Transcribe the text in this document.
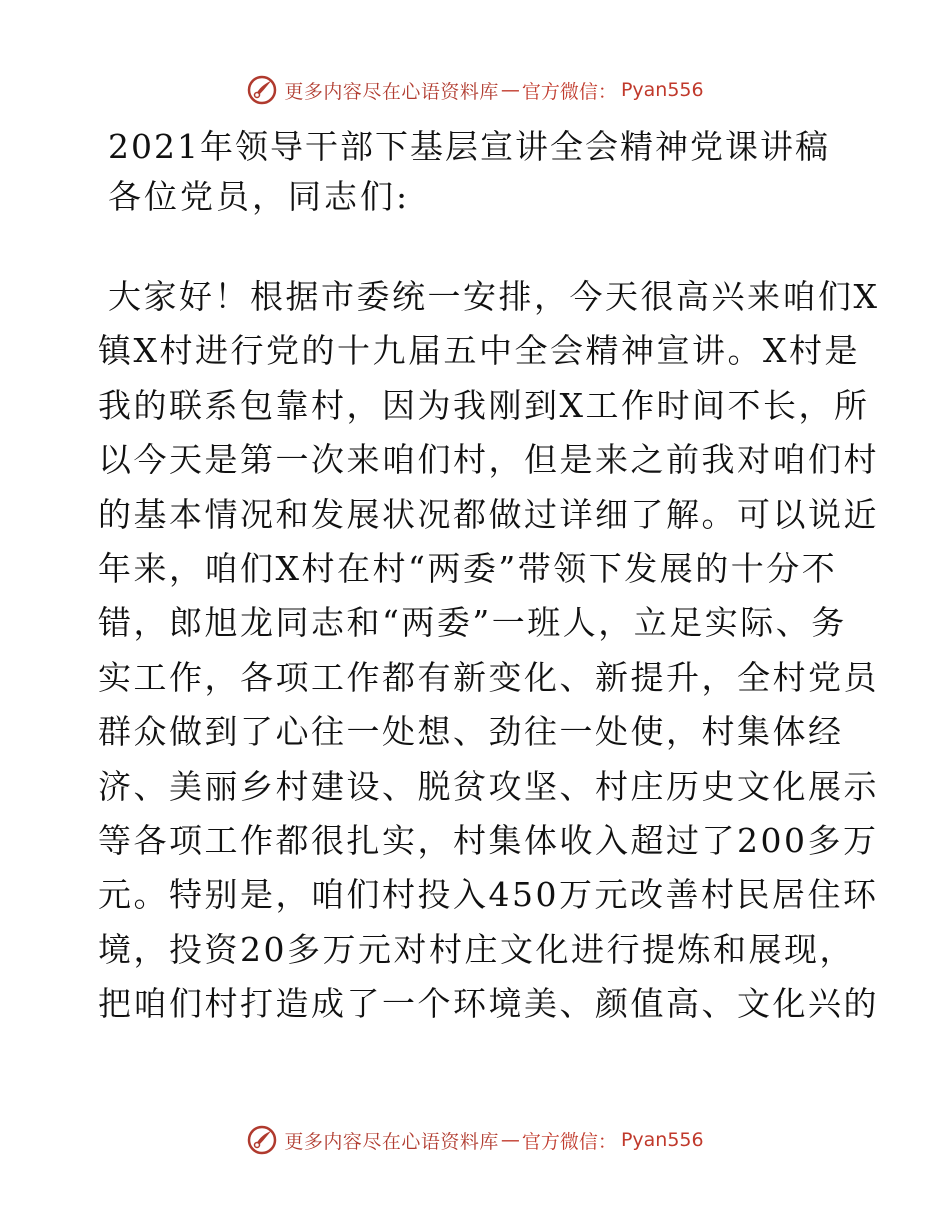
更多内容尽在心语资料库 — 官方微信： Pyan556
2021年领导干部下基层宣讲全会精神党课讲稿
各位党员，同志们:
大家好！根据市委统一安排，今天很高兴来咱们X
镇X村进行党的十九届五中全会精神宣讲。X村是
我的联系包靠村，因为我刚到X工作时间不长，所
以今天是第一次来咱们村，但是来之前我对咱们村
的基本情况和发展状况都做过详细了解。可以说近
年来，咱们X村在村“两委”带领下发展的十分不
错，郎旭龙同志和“两委”一班人，立足实际、务
实工作，各项工作都有新变化、新提升，全村党员
群众做到了心往一处想、劲往一处使，村集体经
济、美丽乡村建设、脱贫攻坚、村庄历史文化展示
等各项工作都很扎实，村集体收入超过了200多万
元。特别是，咱们村投入450万元改善村民居住环
境，投资20多万元对村庄文化进行提炼和展现，
把咱们村打造成了一个环境美、颜值高、文化兴的
更多内容尽在心语资料库 — 官方微信： Pyan556
